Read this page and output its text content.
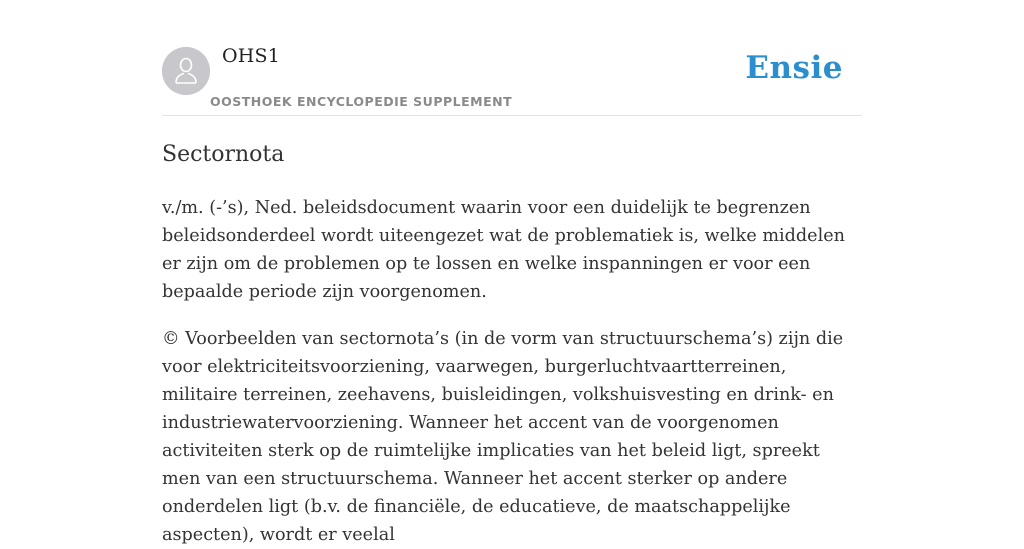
OHS1
OOSTHOEK ENCYCLOPEDIE SUPPLEMENT
Ensie
Sectornota

v./m. (-’s), Ned. beleidsdocument waarin voor een duidelijk te begrenzen beleidsonderdeel wordt uiteengezet wat de problematiek is, welke middelen er zijn om de problemen op te lossen en welke inspanningen er voor een bepaalde periode zijn voorgenomen.

© Voorbeelden van sectornota’s (in de vorm van structuurschema’s) zijn die voor elektriciteitsvoorziening, vaarwegen, burgerluchtvaartterreinen, militaire terreinen, zeehavens, buisleidingen, volkshuisvesting en drink- en industriewatervoorziening. Wanneer het accent van de voorgenomen activiteiten sterk op de ruimtelijke implicaties van het beleid ligt, spreekt men van een structuurschema. Wanneer het accent sterker op andere onderdelen ligt (b.v. de financiële, de educatieve, de maatschappelijke aspecten), wordt er veelal
